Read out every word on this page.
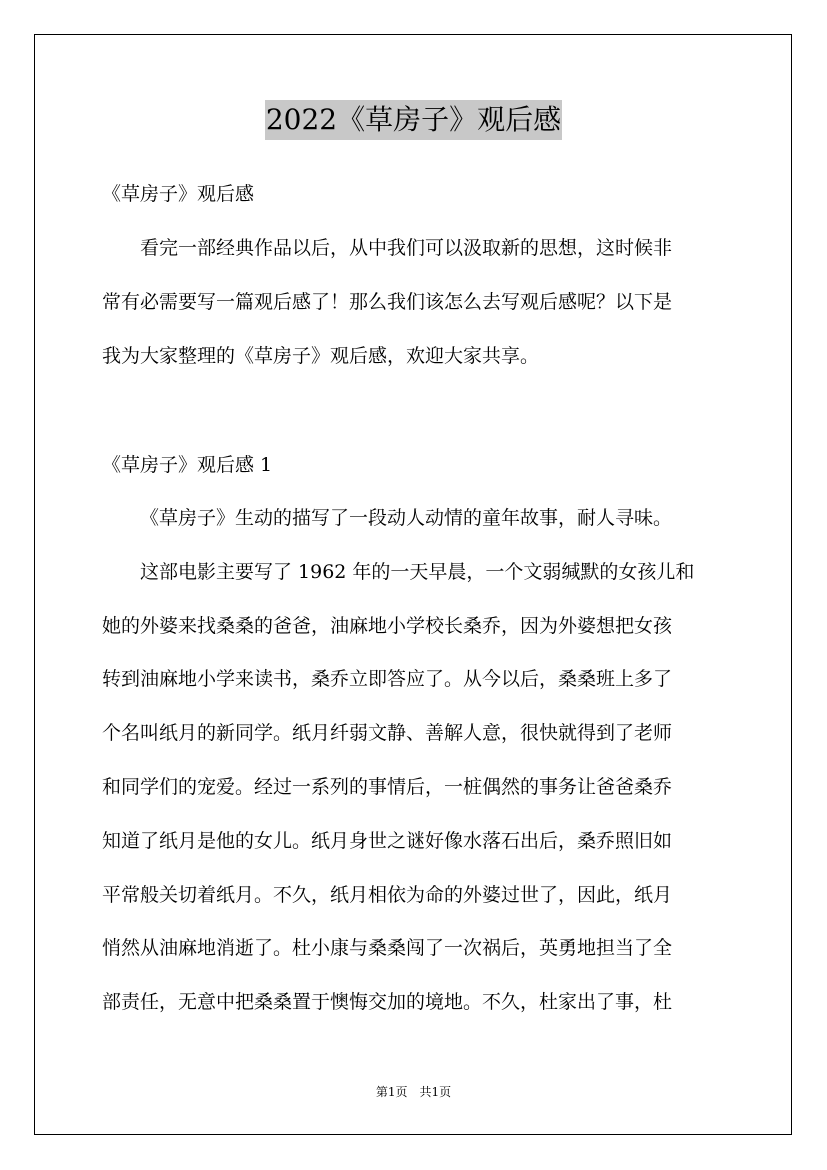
2022《草房子》观后感

《草房子》观后感

看完一部经典作品以后，从中我们可以汲取新的思想，这时候非
常有必需要写一篇观后感了！那么我们该怎么去写观后感呢？以下是
我为大家整理的《草房子》观后感，欢迎大家共享。

《草房子》观后感 1

《草房子》生动的描写了一段动人动情的童年故事，耐人寻味。
这部电影主要写了 1962 年的一天早晨，一个文弱缄默的女孩儿和
她的外婆来找桑桑的爸爸，油麻地小学校长桑乔，因为外婆想把女孩
转到油麻地小学来读书，桑乔立即答应了。从今以后，桑桑班上多了
个名叫纸月的新同学。纸月纤弱文静、善解人意，很快就得到了老师
和同学们的宠爱。经过一系列的事情后，一桩偶然的事务让爸爸桑乔
知道了纸月是他的女儿。纸月身世之谜好像水落石出后，桑乔照旧如
平常般关切着纸月。不久，纸月相依为命的外婆过世了，因此，纸月
悄然从油麻地消逝了。杜小康与桑桑闯了一次祸后，英勇地担当了全
部责任，无意中把桑桑置于懊悔交加的境地。不久，杜家出了事，杜
第1页　共1页
